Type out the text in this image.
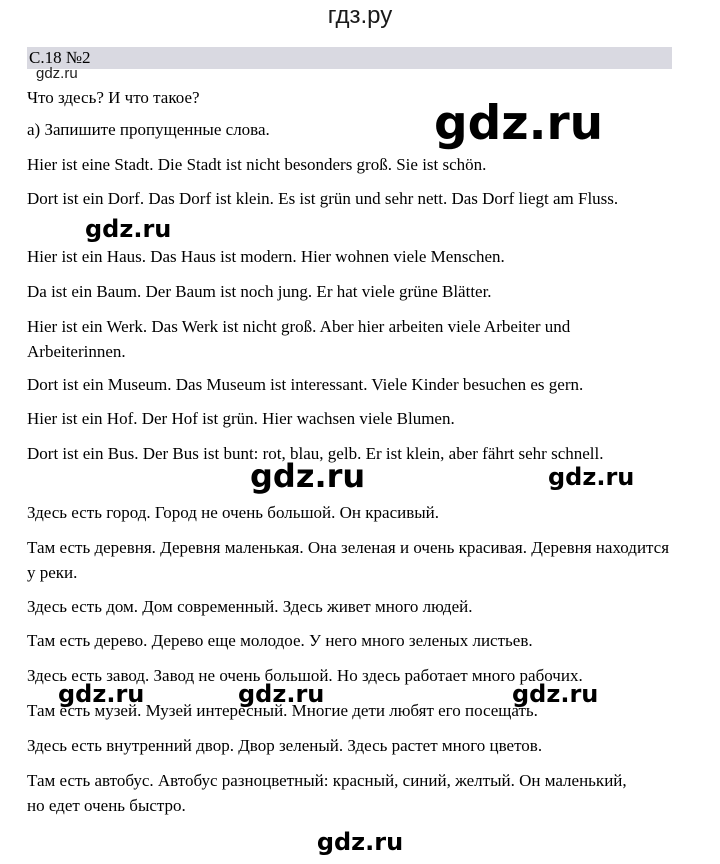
гдз.ру
С.18 №2
gdz.ru

Что здесь? И что такое?

а) Запишите пропущенные слова.

Hier ist eine Stadt. Die Stadt ist nicht besonders groß. Sie ist schön.

Dort ist ein Dorf. Das Dorf ist klein. Es ist grün und sehr nett. Das Dorf liegt am Fluss.

Hier ist ein Haus. Das Haus ist modern. Hier wohnen viele Menschen.

Da ist ein Baum. Der Baum ist noch jung. Er hat viele grüne Blätter.

Hier ist ein Werk. Das Werk ist nicht groß. Aber hier arbeiten viele Arbeiter und Arbeiterinnen.

Dort ist ein Museum. Das Museum ist interessant. Viele Kinder besuchen es gern.

Hier ist ein Hof. Der Hof ist grün. Hier wachsen viele Blumen.

Dort ist ein Bus. Der Bus ist bunt: rot, blau, gelb. Er ist klein, aber fährt sehr schnell.

Здесь есть город. Город не очень большой. Он красивый.

Там есть деревня. Деревня маленькая. Она зеленая и очень красивая. Деревня находится у реки.

Здесь есть дом. Дом современный. Здесь живет много людей.

Там есть дерево. Дерево еще молодое. У него много зеленых листьев.

Здесь есть завод. Завод не очень большой. Но здесь работает много рабочих.

Там есть музей. Музей интересный. Многие дети любят его посещать.

Здесь есть внутренний двор. Двор зеленый. Здесь растет много цветов.

Там есть автобус. Автобус разноцветный: красный, синий, желтый. Он маленький, но едет очень быстро.

gdz.ru
gdz.ru
gdz.ru	gdz.ru
gdz.ru	gdz.ru	gdz.ru
gdz.ru
